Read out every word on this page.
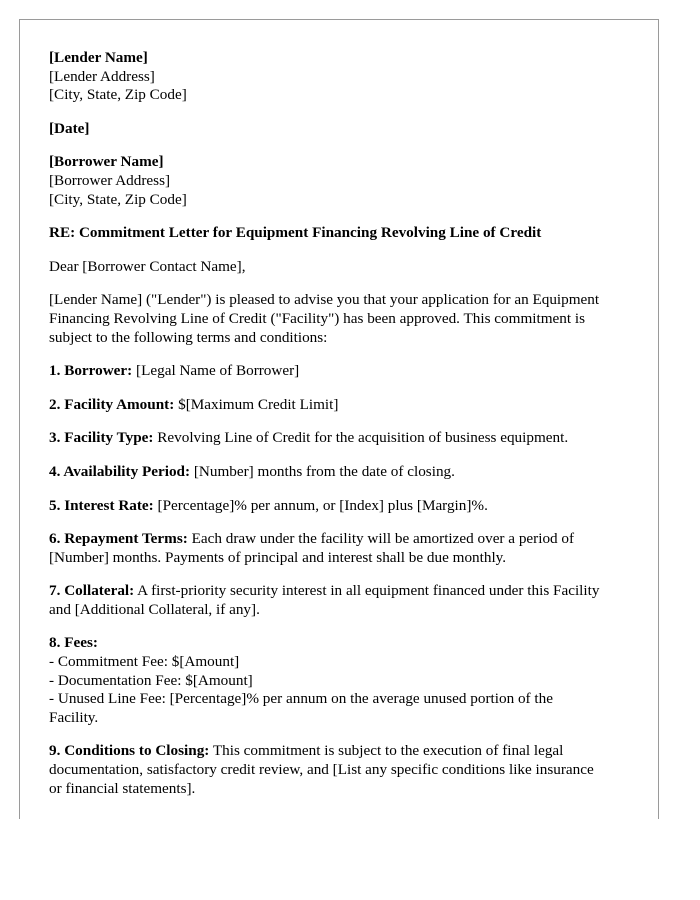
[Lender Name]
[Lender Address]
[City, State, Zip Code]
[Date]
[Borrower Name]
[Borrower Address]
[City, State, Zip Code]
RE: Commitment Letter for Equipment Financing Revolving Line of Credit
Dear [Borrower Contact Name],
[Lender Name] ("Lender") is pleased to advise you that your application for an Equipment
Financing Revolving Line of Credit ("Facility") has been approved. This commitment is
subject to the following terms and conditions:
1. Borrower: [Legal Name of Borrower]
2. Facility Amount: $[Maximum Credit Limit]
3. Facility Type: Revolving Line of Credit for the acquisition of business equipment.
4. Availability Period: [Number] months from the date of closing.
5. Interest Rate: [Percentage]% per annum, or [Index] plus [Margin]%.
6. Repayment Terms: Each draw under the facility will be amortized over a period of
[Number] months. Payments of principal and interest shall be due monthly.
7. Collateral: A first-priority security interest in all equipment financed under this Facility
and [Additional Collateral, if any].
8. Fees:
- Commitment Fee: $[Amount]
- Documentation Fee: $[Amount]
- Unused Line Fee: [Percentage]% per annum on the average unused portion of the
Facility.
9. Conditions to Closing: This commitment is subject to the execution of final legal
documentation, satisfactory credit review, and [List any specific conditions like insurance
or financial statements].
